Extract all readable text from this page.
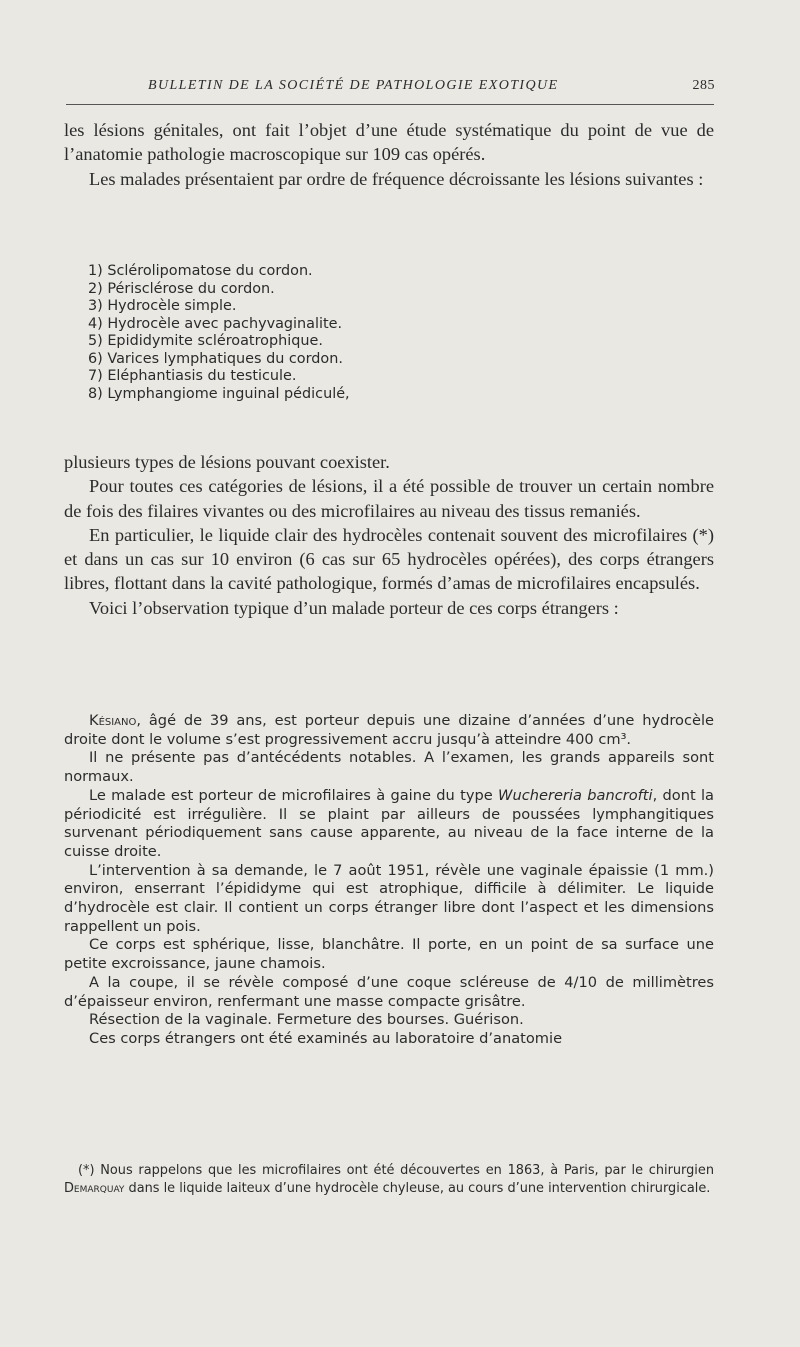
BULLETIN DE LA SOCIÉTÉ DE PATHOLOGIE EXOTIQUE	285

les lésions génitales, ont fait l’objet d’une étude systématique du point de vue de l’anatomie pathologie macroscopique sur 109 cas opérés.

Les malades présentaient par ordre de fréquence décroissante les lésions suivantes :

1) Sclérolipomatose du cordon.
2) Périsclérose du cordon.
3) Hydrocèle simple.
4) Hydrocèle avec pachyvaginalite.
5) Epididymite scléroatrophique.
6) Varices lymphatiques du cordon.
7) Eléphantiasis du testicule.
8) Lymphangiome inguinal pédiculé,

plusieurs types de lésions pouvant coexister.

Pour toutes ces catégories de lésions, il a été possible de trouver un certain nombre de fois des filaires vivantes ou des microfilaires au niveau des tissus remaniés.

En particulier, le liquide clair des hydrocèles contenait souvent des microfilaires (*) et dans un cas sur 10 environ (6 cas sur 65 hydrocèles opérées), des corps étrangers libres, flottant dans la cavité pathologique, formés d’amas de microfilaires encapsulés.

Voici l’observation typique d’un malade porteur de ces corps étrangers :

Késiano, âgé de 39 ans, est porteur depuis une dizaine d’années d’une hydrocèle droite dont le volume s’est progressivement accru jusqu’à atteindre 400 cm³.

Il ne présente pas d’antécédents notables. A l’examen, les grands appareils sont normaux.

Le malade est porteur de microfilaires à gaine du type Wuchereria bancrofti, dont la périodicité est irrégulière. Il se plaint par ailleurs de poussées lymphangitiques survenant périodiquement sans cause apparente, au niveau de la face interne de la cuisse droite.

L’intervention à sa demande, le 7 août 1951, révèle une vaginale épaissie (1 mm.) environ, enserrant l’épididyme qui est atrophique, difficile à délimiter. Le liquide d’hydrocèle est clair. Il contient un corps étranger libre dont l’aspect et les dimensions rappellent un pois.

Ce corps est sphérique, lisse, blanchâtre. Il porte, en un point de sa surface une petite excroissance, jaune chamois.

A la coupe, il se révèle composé d’une coque scléreuse de 4/10 de millimètres d’épaisseur environ, renfermant une masse compacte grisâtre.

Résection de la vaginale. Fermeture des bourses. Guérison.

Ces corps étrangers ont été examinés au laboratoire d’anatomie

(*) Nous rappelons que les microfilaires ont été découvertes en 1863, à Paris, par le chirurgien Demarquay dans le liquide laiteux d’une hydrocèle chyleuse, au cours d’une intervention chirurgicale.
